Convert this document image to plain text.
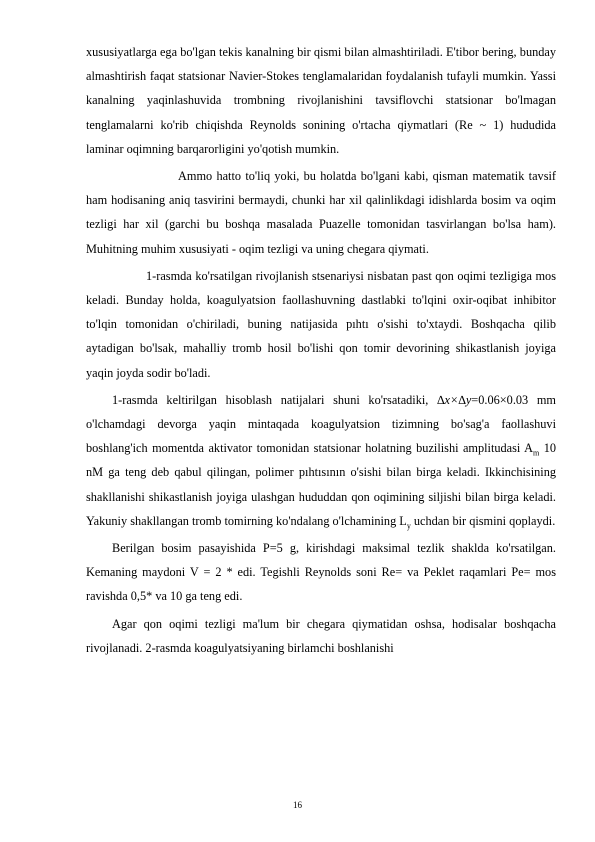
xususiyatlarga ega bo'lgan tekis kanalning bir qismi bilan almashtiriladi. E'tibor bering, bunday almashtirish faqat statsionar Navier-Stokes tenglamalaridan foydalanish tufayli mumkin. Yassi kanalning yaqinlashuvida trombning rivojlanishini tavsiflovchi statsionar bo'lmagan tenglamalarni ko'rib chiqishda Reynolds sonining o'rtacha qiymatlari (Re ~ 1) hududida laminar oqimning barqarorligini yo'qotish mumkin.

Ammo hatto to'liq yoki, bu holatda bo'lgani kabi, qisman matematik tavsif ham hodisaning aniq tasvirini bermaydi, chunki har xil qalinlikdagi idishlarda bosim va oqim tezligi har xil (garchi bu boshqa masalada Puazelle tomonidan tasvirlangan bo'lsa ham). Muhitning muhim xususiyati - oqim tezligi va uning chegara qiymati.

1-rasmda ko'rsatilgan rivojlanish stsenariysi nisbatan past qon oqimi tezligiga mos keladi. Bunday holda, koagulyatsion faollashuvning dastlabki to'lqini oxir-oqibat inhibitor to'lqin tomonidan o'chiriladi, buning natijasida pıhtı o'sishi to'xtaydi. Boshqacha qilib aytadigan bo'lsak, mahalliy tromb hosil bo'lishi qon tomir devorining shikastlanish joyiga yaqin joyda sodir bo'ladi.

1-rasmda keltirilgan hisoblash natijalari shuni ko'rsatadiki, ∆x×∆y=0.06×0.03 mm o'lchamdagi devorga yaqin mintaqada koagulyatsion tizimning bo'sag'a faollashuvi boshlang'ich momentda aktivator tomonidan statsionar holatning buzilishi amplitudasi $A_m$ 10 nM ga teng deb qabul qilingan, polimer pıhtısının o'sishi bilan birga keladi. Ikkinchisining shakllanishi shikastlanish joyiga ulashgan hududdan qon oqimining siljishi bilan birga keladi. Yakuniy shakllangan tromb tomirning ko'ndalang o'lchamining $L_y$ uchdan bir qismini qoplaydi.

Berilgan bosim pasayishida P=5 g, kirishdagi maksimal tezlik shaklda ko'rsatilgan. Kemaning maydoni V = 2 * edi. Tegishli Reynolds soni Re= va Peklet raqamlari Pe= mos ravishda 0,5* va 10 ga teng edi.

Agar qon oqimi tezligi ma'lum bir chegara qiymatidan oshsa, hodisalar boshqacha rivojlanadi. 2-rasmda koagulyatsiyaning birlamchi boshlanishi

16
